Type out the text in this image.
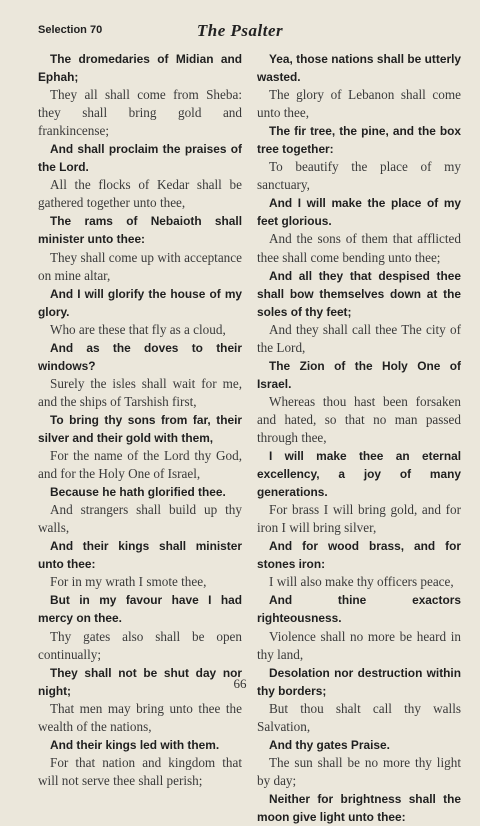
Selection 70	The Psalter

The dromedaries of Midian and Ephah;

They all shall come from Sheba: they shall bring gold and frankincense;

And shall proclaim the praises of the Lord.

All the flocks of Kedar shall be gathered together unto thee,

The rams of Nebaioth shall minister unto thee:

They shall come up with acceptance on mine altar,

And I will glorify the house of my glory.

Who are these that fly as a cloud,

And as the doves to their windows?

Surely the isles shall wait for me, and the ships of Tarshish first,

To bring thy sons from far, their silver and their gold with them,

For the name of the Lord thy God, and for the Holy One of Israel,

Because he hath glorified thee.

And strangers shall build up thy walls,

And their kings shall minister unto thee:

For in my wrath I smote thee,

But in my favour have I had mercy on thee.

Thy gates also shall be open continually;

They shall not be shut day nor night;

That men may bring unto thee the wealth of the nations,

And their kings led with them.

For that nation and kingdom that will not serve thee shall perish;

Yea, those nations shall be utterly wasted.

The glory of Lebanon shall come unto thee,

The fir tree, the pine, and the box tree together:

To beautify the place of my sanctuary,

And I will make the place of my feet glorious.

And the sons of them that afflicted thee shall come bending unto thee;

And all they that despised thee shall bow themselves down at the soles of thy feet;

And they shall call thee The city of the Lord,

The Zion of the Holy One of Israel.

Whereas thou hast been forsaken and hated, so that no man passed through thee,

I will make thee an eternal excellency, a joy of many generations.

For brass I will bring gold, and for iron I will bring silver,

And for wood brass, and for stones iron:

I will also make thy officers peace,

And thine exactors righteousness.

Violence shall no more be heard in thy land,

Desolation nor destruction within thy borders;

But thou shalt call thy walls Salvation,

And thy gates Praise.

The sun shall be no more thy light by day;

Neither for brightness shall the moon give light unto thee:

66
